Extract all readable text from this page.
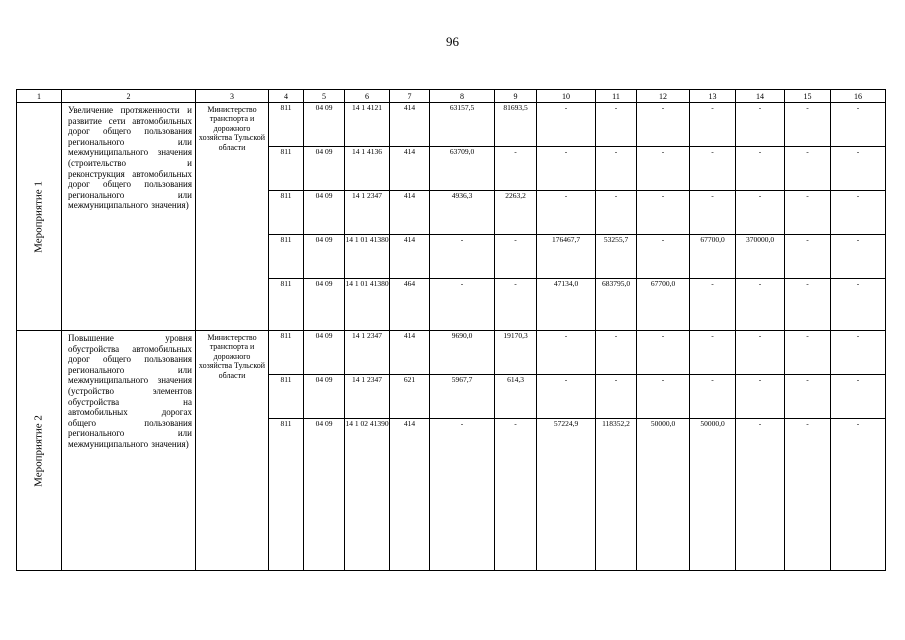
96
1	2	3	4	5	6	7	8	9	10	11	12	13	14	15	16

Мероприятие 1	Увеличение протяженности и развитие сети автомобильных дорог общего пользования регионального или межмуниципального значения (строительство и реконструкция автомобильных дорог общего пользования регионального или межмуниципального значения)	Министерство транспорта и дорожного хозяйства Тульской области	811	04 09	14 1 4121	414	63157,5	81693,5	-	-	-	-	-	-	-
			811	04 09	14 1 4136	414	63709,0	-	-	-	-	-	-	-	-
			811	04 09	14 1 2347	414	4936,3	2263,2	-	-	-	-	-	-	-
			811	04 09	14 1 01 41380	414	-	-	176467,7	53255,7	-	67700,0	370000,0	-	-
			811	04 09	14 1 01 41380	464	-	-	47134,0	683795,0	67700,0	-	-	-	-

Мероприятие 2	Повышение уровня обустройства автомобильных дорог общего пользования регионального или межмуниципального значения (устройство элементов обустройства на автомобильных дорогах общего пользования регионального или межмуниципального значения)	Министерство транспорта и дорожного хозяйства Тульской области	811	04 09	14 1 2347	414	9690,0	19170,3	-	-	-	-	-	-	-
			811	04 09	14 1 2347	621	5967,7	614,3	-	-	-	-	-	-	-
			811	04 09	14 1 02 41390	414	-	-	57224,9	118352,2	50000,0	50000,0	-	-	-
